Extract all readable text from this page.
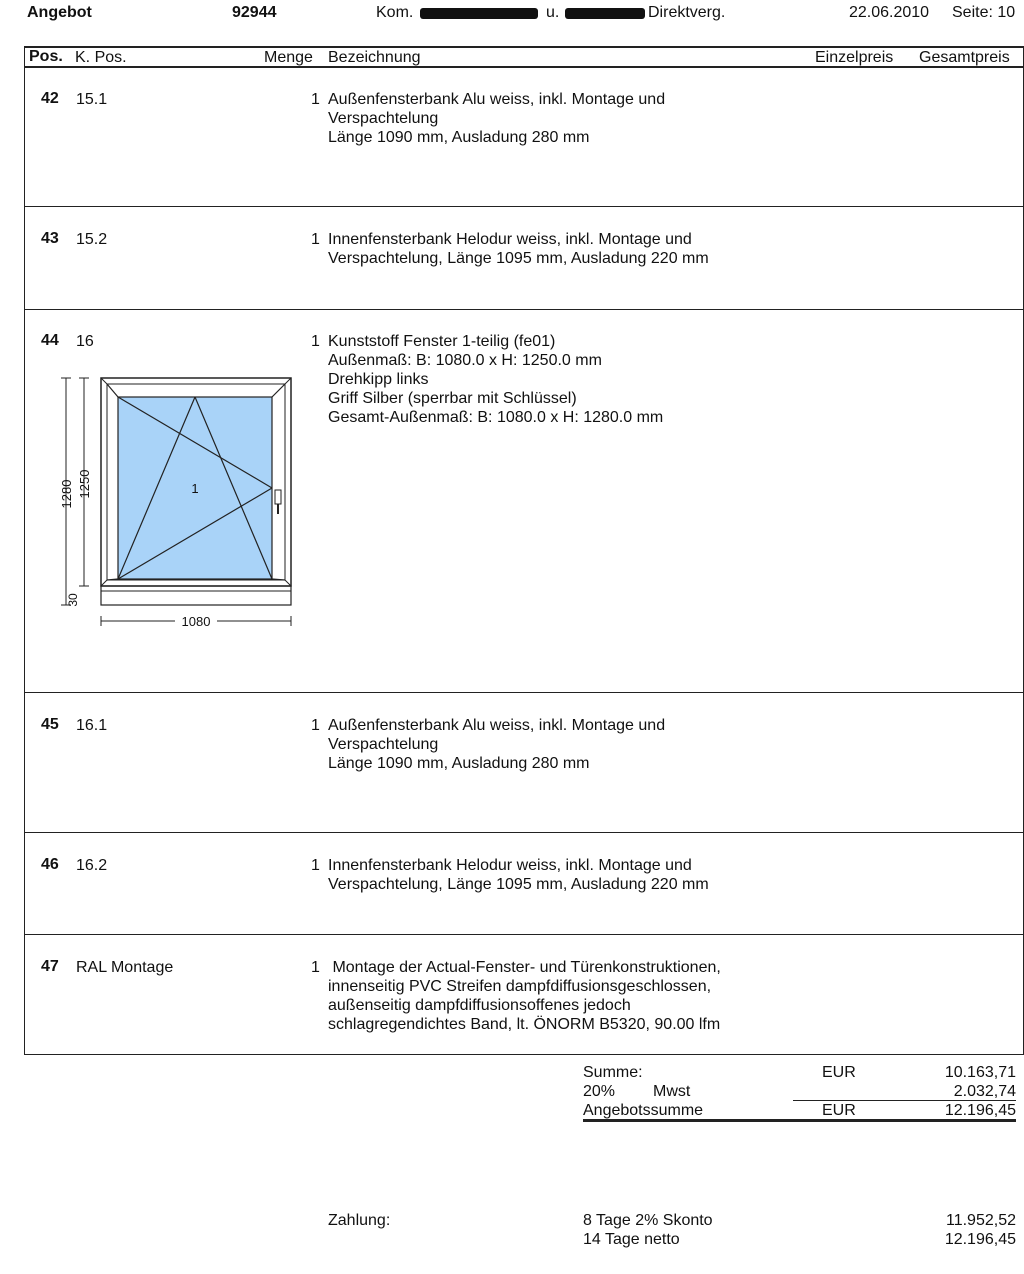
Angebot	92944	Kom.	u.	Direktverg.	22.06.2010 Seite: 10
Pos. K. Pos.	Menge Bezeichnung	Einzelpreis Gesamtpreis
42 15.1	1 Außenfensterbank Alu weiss, inkl. Montage und
Verspachtelung
Länge 1090 mm, Ausladung 280 mm
43 15.2	1 Innenfensterbank Helodur weiss, inkl. Montage und
Verspachtelung, Länge 1095 mm, Ausladung 220 mm
44 16	1 Kunststoff Fenster 1-teilig (fe01)
Außenmaß: B: 1080.0 x H: 1250.0 mm
Drehkipp links
Griff Silber (sperrbar mit Schlüssel)
Gesamt-Außenmaß: B: 1080.0 x H: 1280.0 mm
1
1280 1250
30
1080
45 16.1	1 Außenfensterbank Alu weiss, inkl. Montage und
Verspachtelung
Länge 1090 mm, Ausladung 280 mm
46 16.2	1 Innenfensterbank Helodur weiss, inkl. Montage und
Verspachtelung, Länge 1095 mm, Ausladung 220 mm
47 RAL Montage	1 Montage der Actual-Fenster- und Türenkonstruktionen,
innenseitig PVC Streifen dampfdiffusionsgeschlossen,
außenseitig dampfdiffusionsoffenes jedoch
schlagregendichtes Band, lt. ÖNORM B5320, 90.00 lfm
Summe:	EUR	10.163,71
20% Mwst	2.032,74
Angebotssumme	EUR	12.196,45
Zahlung:	8 Tage 2% Skonto	11.952,52
14 Tage netto	12.196,45
